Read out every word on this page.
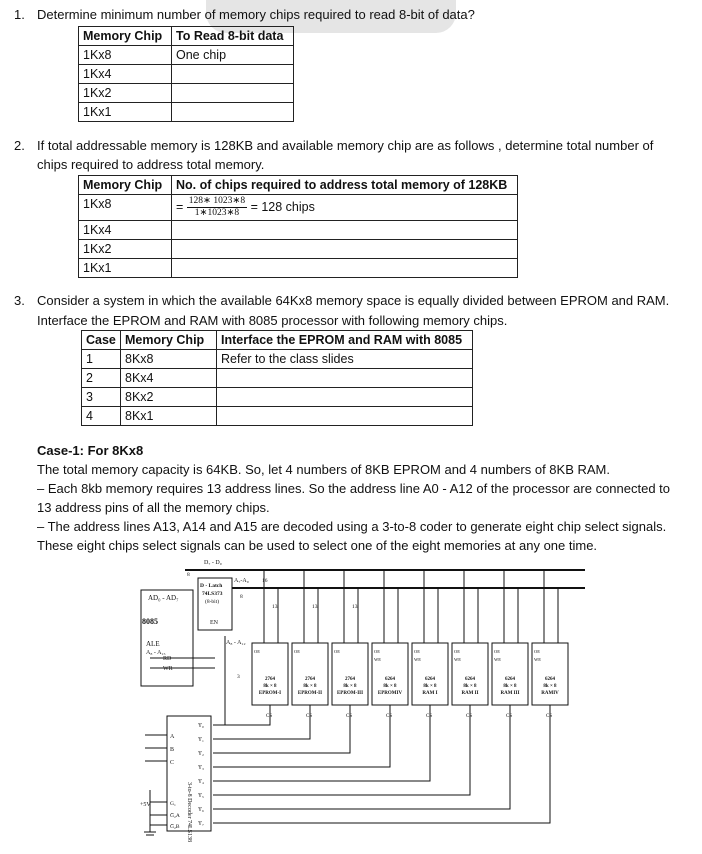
1. Determine minimum number of memory chips required to read 8-bit of data?
Memory Chip	To Read 8-bit data
1Kx8	One chip
1Kx4	
1Kx2	
1Kx1	
2. If total addressable memory is 128KB and available memory chip are as follows , determine total number of
chips required to address total memory.
Memory Chip	No. of chips required to address total memory of 128KB
1Kx8	= $\frac{128∗ 1023∗8}{1∗1023∗8} = 128$ chips
1Kx4	
1Kx2	
1Kx1	
3. Consider a system in which the available 64Kx8 memory space is equally divided between EPROM and RAM.
Interface the EPROM and RAM with 8085 processor with following memory chips.
Case	Memory Chip	Interface the EPROM and RAM with 8085
1	8Kx8	Refer to the class slides
2	8Kx4	
3	8Kx2	
4	8Kx1	
Case-1: For 8Kx8
The total memory capacity is 64KB. So, let 4 numbers of 8KB EPROM and 4 numbers of 8KB RAM.
– Each 8kb memory requires 13 address lines. So the address line A0 - A12 of the processor are connected to
13 address pins of all the memory chips.
– The address lines A13, A14 and A15 are decoded using a 3-to-8 coder to generate eight chip select signals.
These eight chips select signals can be used to select one of the eight memories at any one time.
2764
8k × 8
EPROM-I
CS
OE
2764
8k × 8
EPROM-II
CS
OE
2764
8k × 8
EPROM-III
CS
OE
6264
8k × 8
EPROMIV
CS
OE
WE
6264
8k × 8
RAM I
CS
OE
WE
6264
8k × 8
RAM II
CS
OE
WE
6264
8k × 8
RAM III
CS
OE
WE
6264
8k × 8
RAMIV
CS
OE
WE
AD₀ - AD₇
8085
ALE
A₈ - A₁₅
RD
WR
D - Latch
74LS373
(8-bit)
EN
D₇ - D₀
A₇-A₀
A₈ - A₁₂
+5V	3-to-8 Decoder 74LS138
A
B
C
G₁
G̅₂A
G̅₂B
Y̅₀
Y̅₁
Y̅₂
Y̅₃
Y̅₄
Y̅₅
Y̅₆
Y̅₇
8
8
13	13	13
16
3
